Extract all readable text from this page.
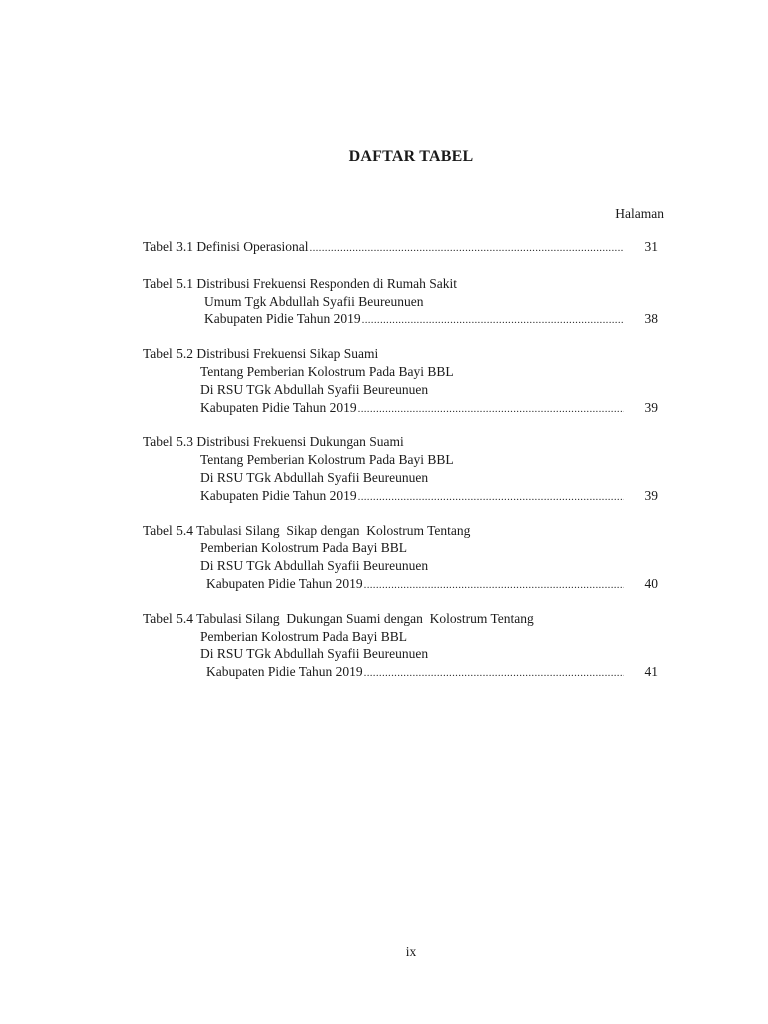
DAFTAR TABEL
Halaman
Tabel 3.1 Definisi Operasional .....	31
Tabel 5.1 Distribusi Frekuensi Responden di Rumah Sakit
Umum Tgk Abdullah Syafii Beureunuen
Kabupaten Pidie Tahun 2019 .....	38
Tabel 5.2 Distribusi Frekuensi Sikap Suami
Tentang Pemberian Kolostrum Pada Bayi BBL
Di RSU TGk Abdullah Syafii Beureunuen
Kabupaten Pidie Tahun 2019 .....	39
Tabel 5.3 Distribusi Frekuensi Dukungan Suami
Tentang Pemberian Kolostrum Pada Bayi BBL
Di RSU TGk Abdullah Syafii Beureunuen
Kabupaten Pidie Tahun 2019 .....	39
Tabel 5.4 Tabulasi Silang  Sikap dengan  Kolostrum Tentang
Pemberian Kolostrum Pada Bayi BBL
Di RSU TGk Abdullah Syafii Beureunuen
Kabupaten Pidie Tahun 2019 .....	40
Tabel 5.4 Tabulasi Silang  Dukungan Suami dengan  Kolostrum Tentang
Pemberian Kolostrum Pada Bayi BBL
Di RSU TGk Abdullah Syafii Beureunuen
Kabupaten Pidie Tahun 2019 .....	41
ix
